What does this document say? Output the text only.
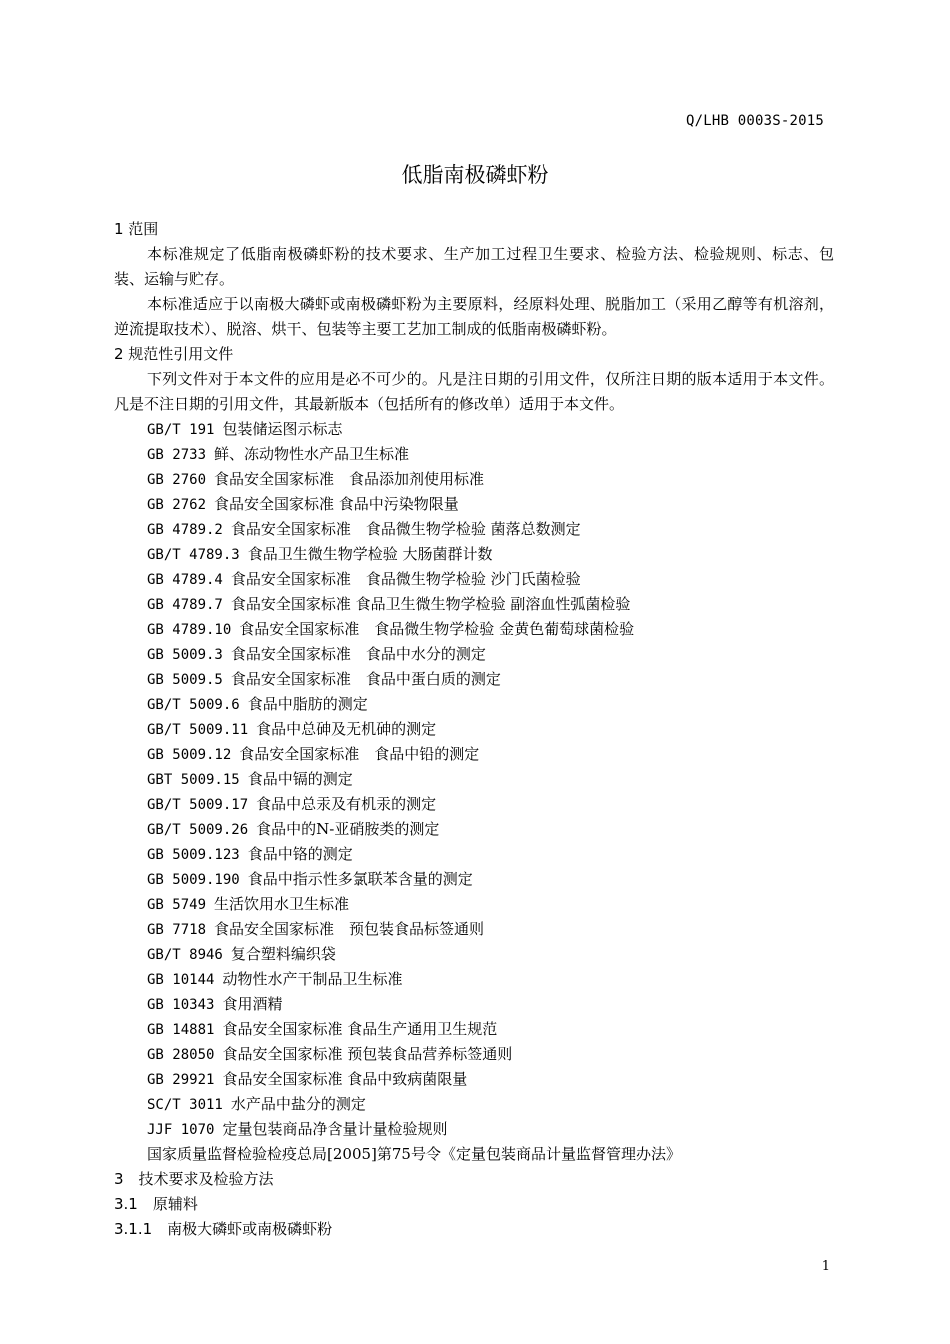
Q/LHB 0003S-2015
低脂南极磷虾粉
1 范围

本标准规定了低脂南极磷虾粉的技术要求、生产加工过程卫生要求、检验方法、检验规则、标志、包装、运输与贮存。

本标准适应于以南极大磷虾或南极磷虾粉为主要原料，经原料处理、脱脂加工（采用乙醇等有机溶剂，逆流提取技术）、脱溶、烘干、包装等主要工艺加工制成的低脂南极磷虾粉。

2 规范性引用文件

下列文件对于本文件的应用是必不可少的。凡是注日期的引用文件，仅所注日期的版本适用于本文件。凡是不注日期的引用文件，其最新版本（包括所有的修改单）适用于本文件。

GB/T 191 包装储运图示标志
GB 2733 鲜、冻动物性水产品卫生标准
GB 2760 食品安全国家标准　食品添加剂使用标准
GB 2762 食品安全国家标准 食品中污染物限量
GB 4789.2 食品安全国家标准　食品微生物学检验 菌落总数测定
GB/T 4789.3 食品卫生微生物学检验 大肠菌群计数
GB 4789.4 食品安全国家标准　食品微生物学检验 沙门氏菌检验
GB 4789.7 食品安全国家标准 食品卫生微生物学检验 副溶血性弧菌检验
GB 4789.10 食品安全国家标准　食品微生物学检验 金黄色葡萄球菌检验
GB 5009.3 食品安全国家标准　食品中水分的测定
GB 5009.5 食品安全国家标准　食品中蛋白质的测定
GB/T 5009.6 食品中脂肪的测定
GB/T 5009.11 食品中总砷及无机砷的测定
GB 5009.12 食品安全国家标准　食品中铅的测定
GBT 5009.15 食品中镉的测定
GB/T 5009.17 食品中总汞及有机汞的测定
GB/T 5009.26 食品中的N-亚硝胺类的测定
GB 5009.123 食品中铬的测定
GB 5009.190 食品中指示性多氯联苯含量的测定
GB 5749 生活饮用水卫生标准
GB 7718 食品安全国家标准　预包装食品标签通则
GB/T 8946 复合塑料编织袋
GB 10144 动物性水产干制品卫生标准
GB 10343 食用酒精
GB 14881 食品安全国家标准 食品生产通用卫生规范
GB 28050 食品安全国家标准 预包装食品营养标签通则
GB 29921 食品安全国家标准 食品中致病菌限量
SC/T 3011 水产品中盐分的测定
JJF 1070 定量包装商品净含量计量检验规则
国家质量监督检验检疫总局[2005]第75号令《定量包装商品计量监督管理办法》
3　技术要求及检验方法
3.1　原辅料
3.1.1　南极大磷虾或南极磷虾粉
1
